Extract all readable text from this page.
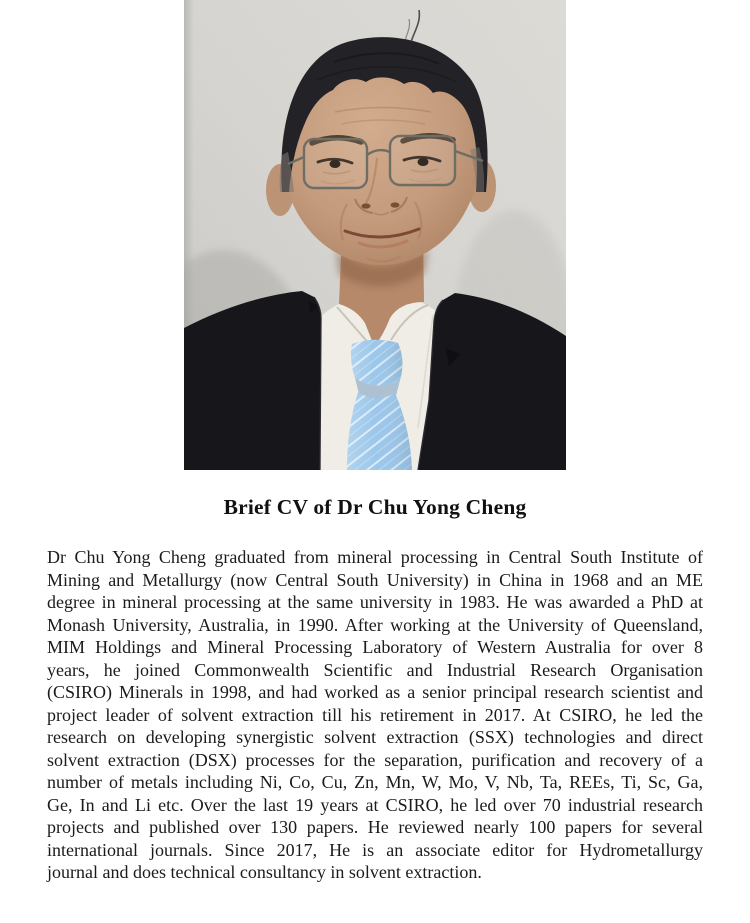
Brief CV of Dr Chu Yong Cheng
Dr Chu Yong Cheng graduated from mineral processing in Central South Institute of
Mining and Metallurgy (now Central South University) in China in 1968 and an ME
degree in mineral processing at the same university in 1983. He was awarded a PhD at
Monash University, Australia, in 1990. After working at the University of Queensland,
MIM Holdings and Mineral Processing Laboratory of Western Australia for over 8
years, he joined Commonwealth Scientific and Industrial Research Organisation
(CSIRO) Minerals in 1998, and had worked as a senior principal research scientist and
project leader of solvent extraction till his retirement in 2017. At CSIRO, he led the
research on developing synergistic solvent extraction (SSX) technologies and direct
solvent extraction (DSX) processes for the separation, purification and recovery of a
number of metals including Ni, Co, Cu, Zn, Mn, W, Mo, V, Nb, Ta, REEs, Ti, Sc, Ga,
Ge, In and Li etc. Over the last 19 years at CSIRO, he led over 70 industrial research
projects and published over 130 papers. He reviewed nearly 100 papers for several
international journals. Since 2017, He is an associate editor for Hydrometallurgy
journal and does technical consultancy in solvent extraction.
